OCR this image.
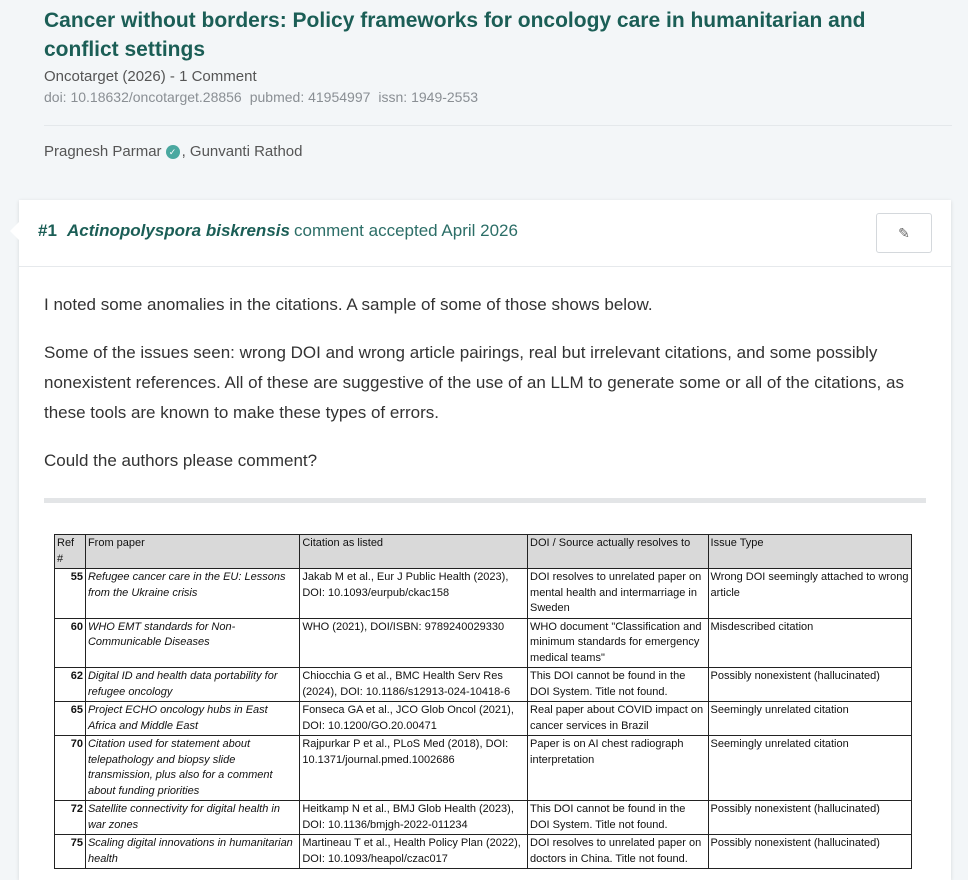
Cancer without borders: Policy frameworks for oncology care in humanitarian and conflict settings
Oncotarget (2026) - 1 Comment
doi: 10.18632/oncotarget.28856 pubmed: 41954997 issn: 1949-2553
Pragnesh Parmar ✓ , Gunvanti Rathod
#1 Actinopolyspora biskrensis comment accepted April 2026	✎

I noted some anomalies in the citations. A sample of some of those shows below.

Some of the issues seen: wrong DOI and wrong article pairings, real but irrelevant citations, and some possibly nonexistent references. All of these are suggestive of the use of an LLM to generate some or all of the citations, as these tools are known to make these types of errors.

Could the authors please comment?

Ref #	From paper	Citation as listed	DOI / Source actually resolves to	Issue Type
55	Refugee cancer care in the EU: Lessons from the Ukraine crisis	Jakab M et al., Eur J Public Health (2023), DOI: 10.1093/eurpub/ckac158	DOI resolves to unrelated paper on mental health and intermarriage in Sweden	Wrong DOI seemingly attached to wrong article
60	WHO EMT standards for Non-Communicable Diseases	WHO (2021), DOI/ISBN: 9789240029330	WHO document "Classification and minimum standards for emergency medical teams"	Misdescribed citation
62	Digital ID and health data portability for refugee oncology	Chiocchia G et al., BMC Health Serv Res (2024), DOI: 10.1186/s12913-024-10418-6	This DOI cannot be found in the DOI System. Title not found.	Possibly nonexistent (hallucinated)
65	Project ECHO oncology hubs in East Africa and Middle East	Fonseca GA et al., JCO Glob Oncol (2021), DOI: 10.1200/GO.20.00471	Real paper about COVID impact on cancer services in Brazil	Seemingly unrelated citation
70	Citation used for statement about telepathology and biopsy slide transmission, plus also for a comment about funding priorities	Rajpurkar P et al., PLoS Med (2018), DOI: 10.1371/journal.pmed.1002686	Paper is on AI chest radiograph interpretation	Seemingly unrelated citation
72	Satellite connectivity for digital health in war zones	Heitkamp N et al., BMJ Glob Health (2023), DOI: 10.1136/bmjgh-2022-011234	This DOI cannot be found in the DOI System. Title not found.	Possibly nonexistent (hallucinated)
75	Scaling digital innovations in humanitarian health	Martineau T et al., Health Policy Plan (2022), DOI: 10.1093/heapol/czac017	DOI resolves to unrelated paper on doctors in China. Title not found.	Possibly nonexistent (hallucinated)
